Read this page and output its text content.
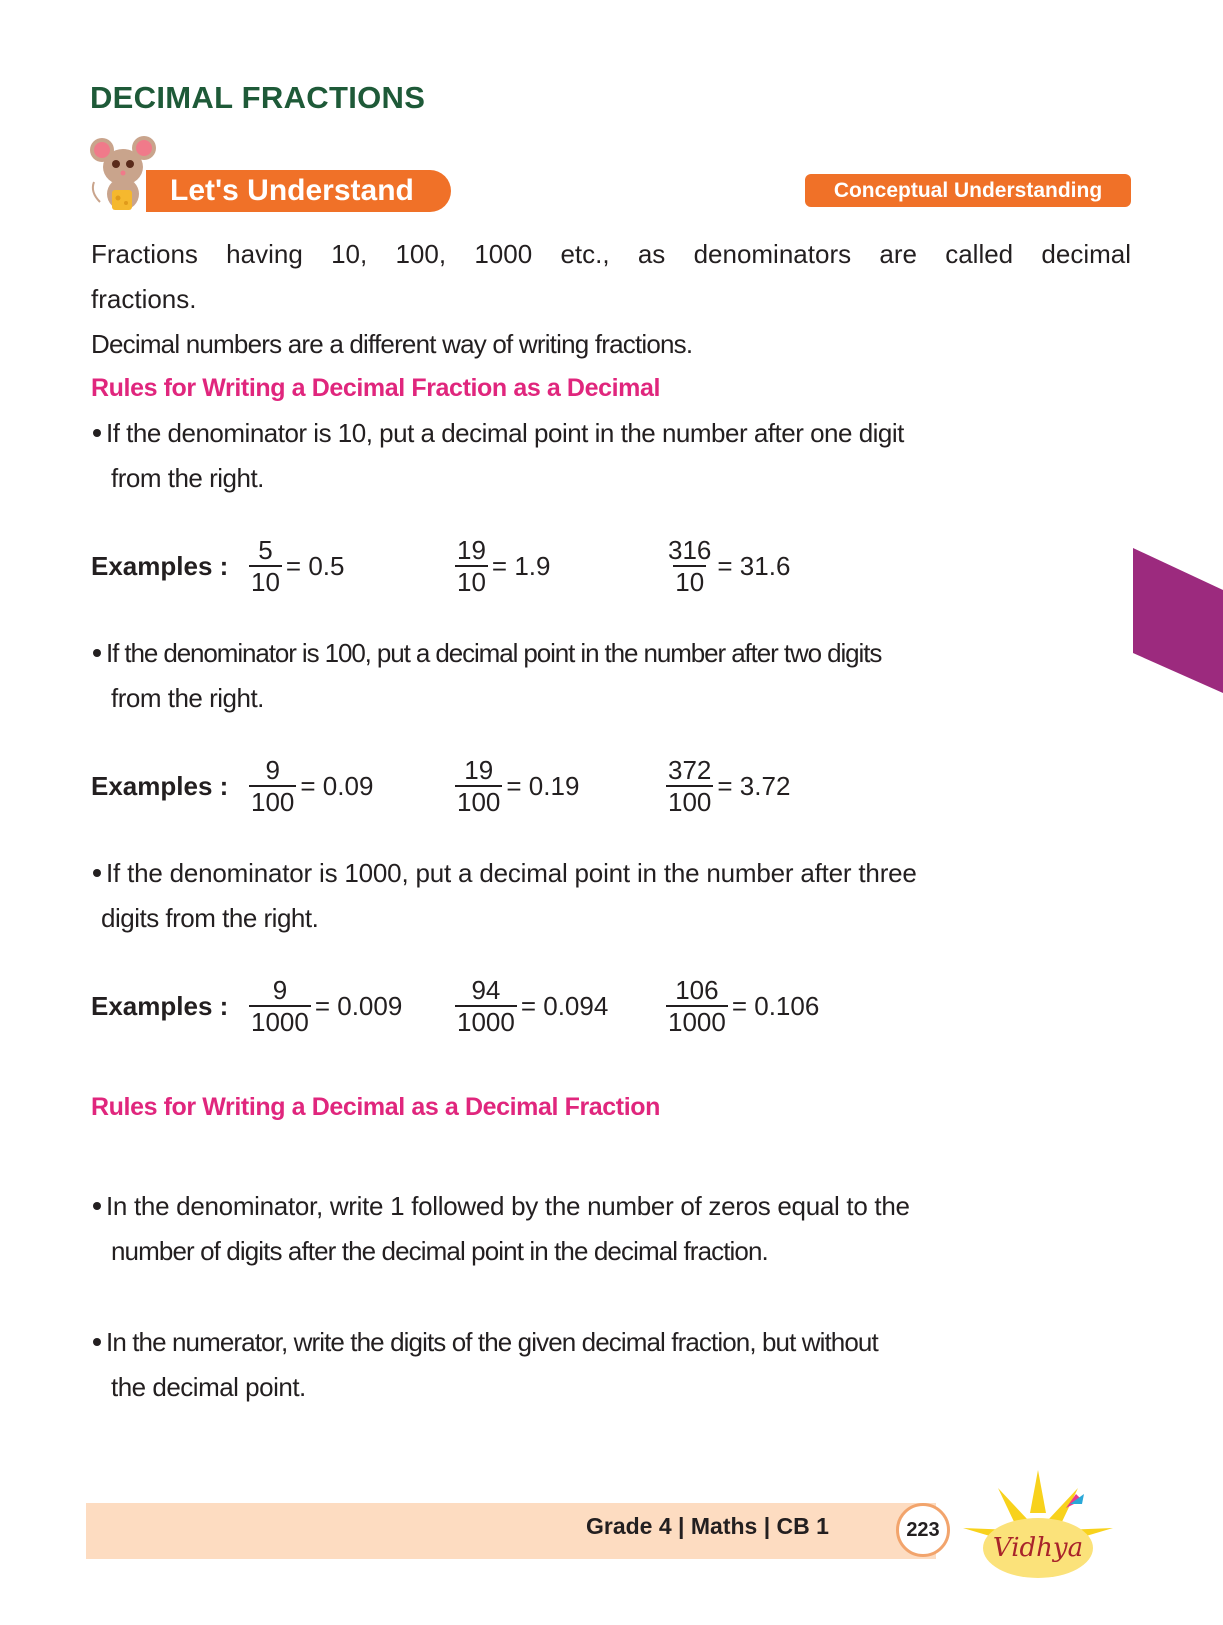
DECIMAL FRACTIONS
Let's Understand	Conceptual Understanding
Fractions having 10, 100, 1000 etc., as denominators are called decimal
fractions.
Decimal numbers are a different way of writing fractions.
Rules for Writing a Decimal Fraction as a Decimal
If the denominator is 10, put a decimal point in the number after one digit
from the right.
Examples : $\frac{5}{10} = 0.5$	$\frac{19}{10} = 1.9$	$\frac{316}{10} = 31.6$
If the denominator is 100, put a decimal point in the number after two digits
from the right.
Examples : $\frac{9}{100} = 0.09$	$\frac{19}{100} = 0.19$	$\frac{372}{100} = 3.72$
If the denominator is 1000, put a decimal point in the number after three
digits from the right.
Examples : $\frac{9}{1000} = 0.009 \frac{94}{1000} = 0.094 \frac{106}{1000} = 0.106$
Rules for Writing a Decimal as a Decimal Fraction
In the denominator, write 1 followed by the number of zeros equal to the
number of digits after the decimal point in the decimal fraction.
In the numerator, write the digits of the given decimal fraction, but without
the decimal point.
Grade 4 | Maths | CB 1	223
Vidhya
